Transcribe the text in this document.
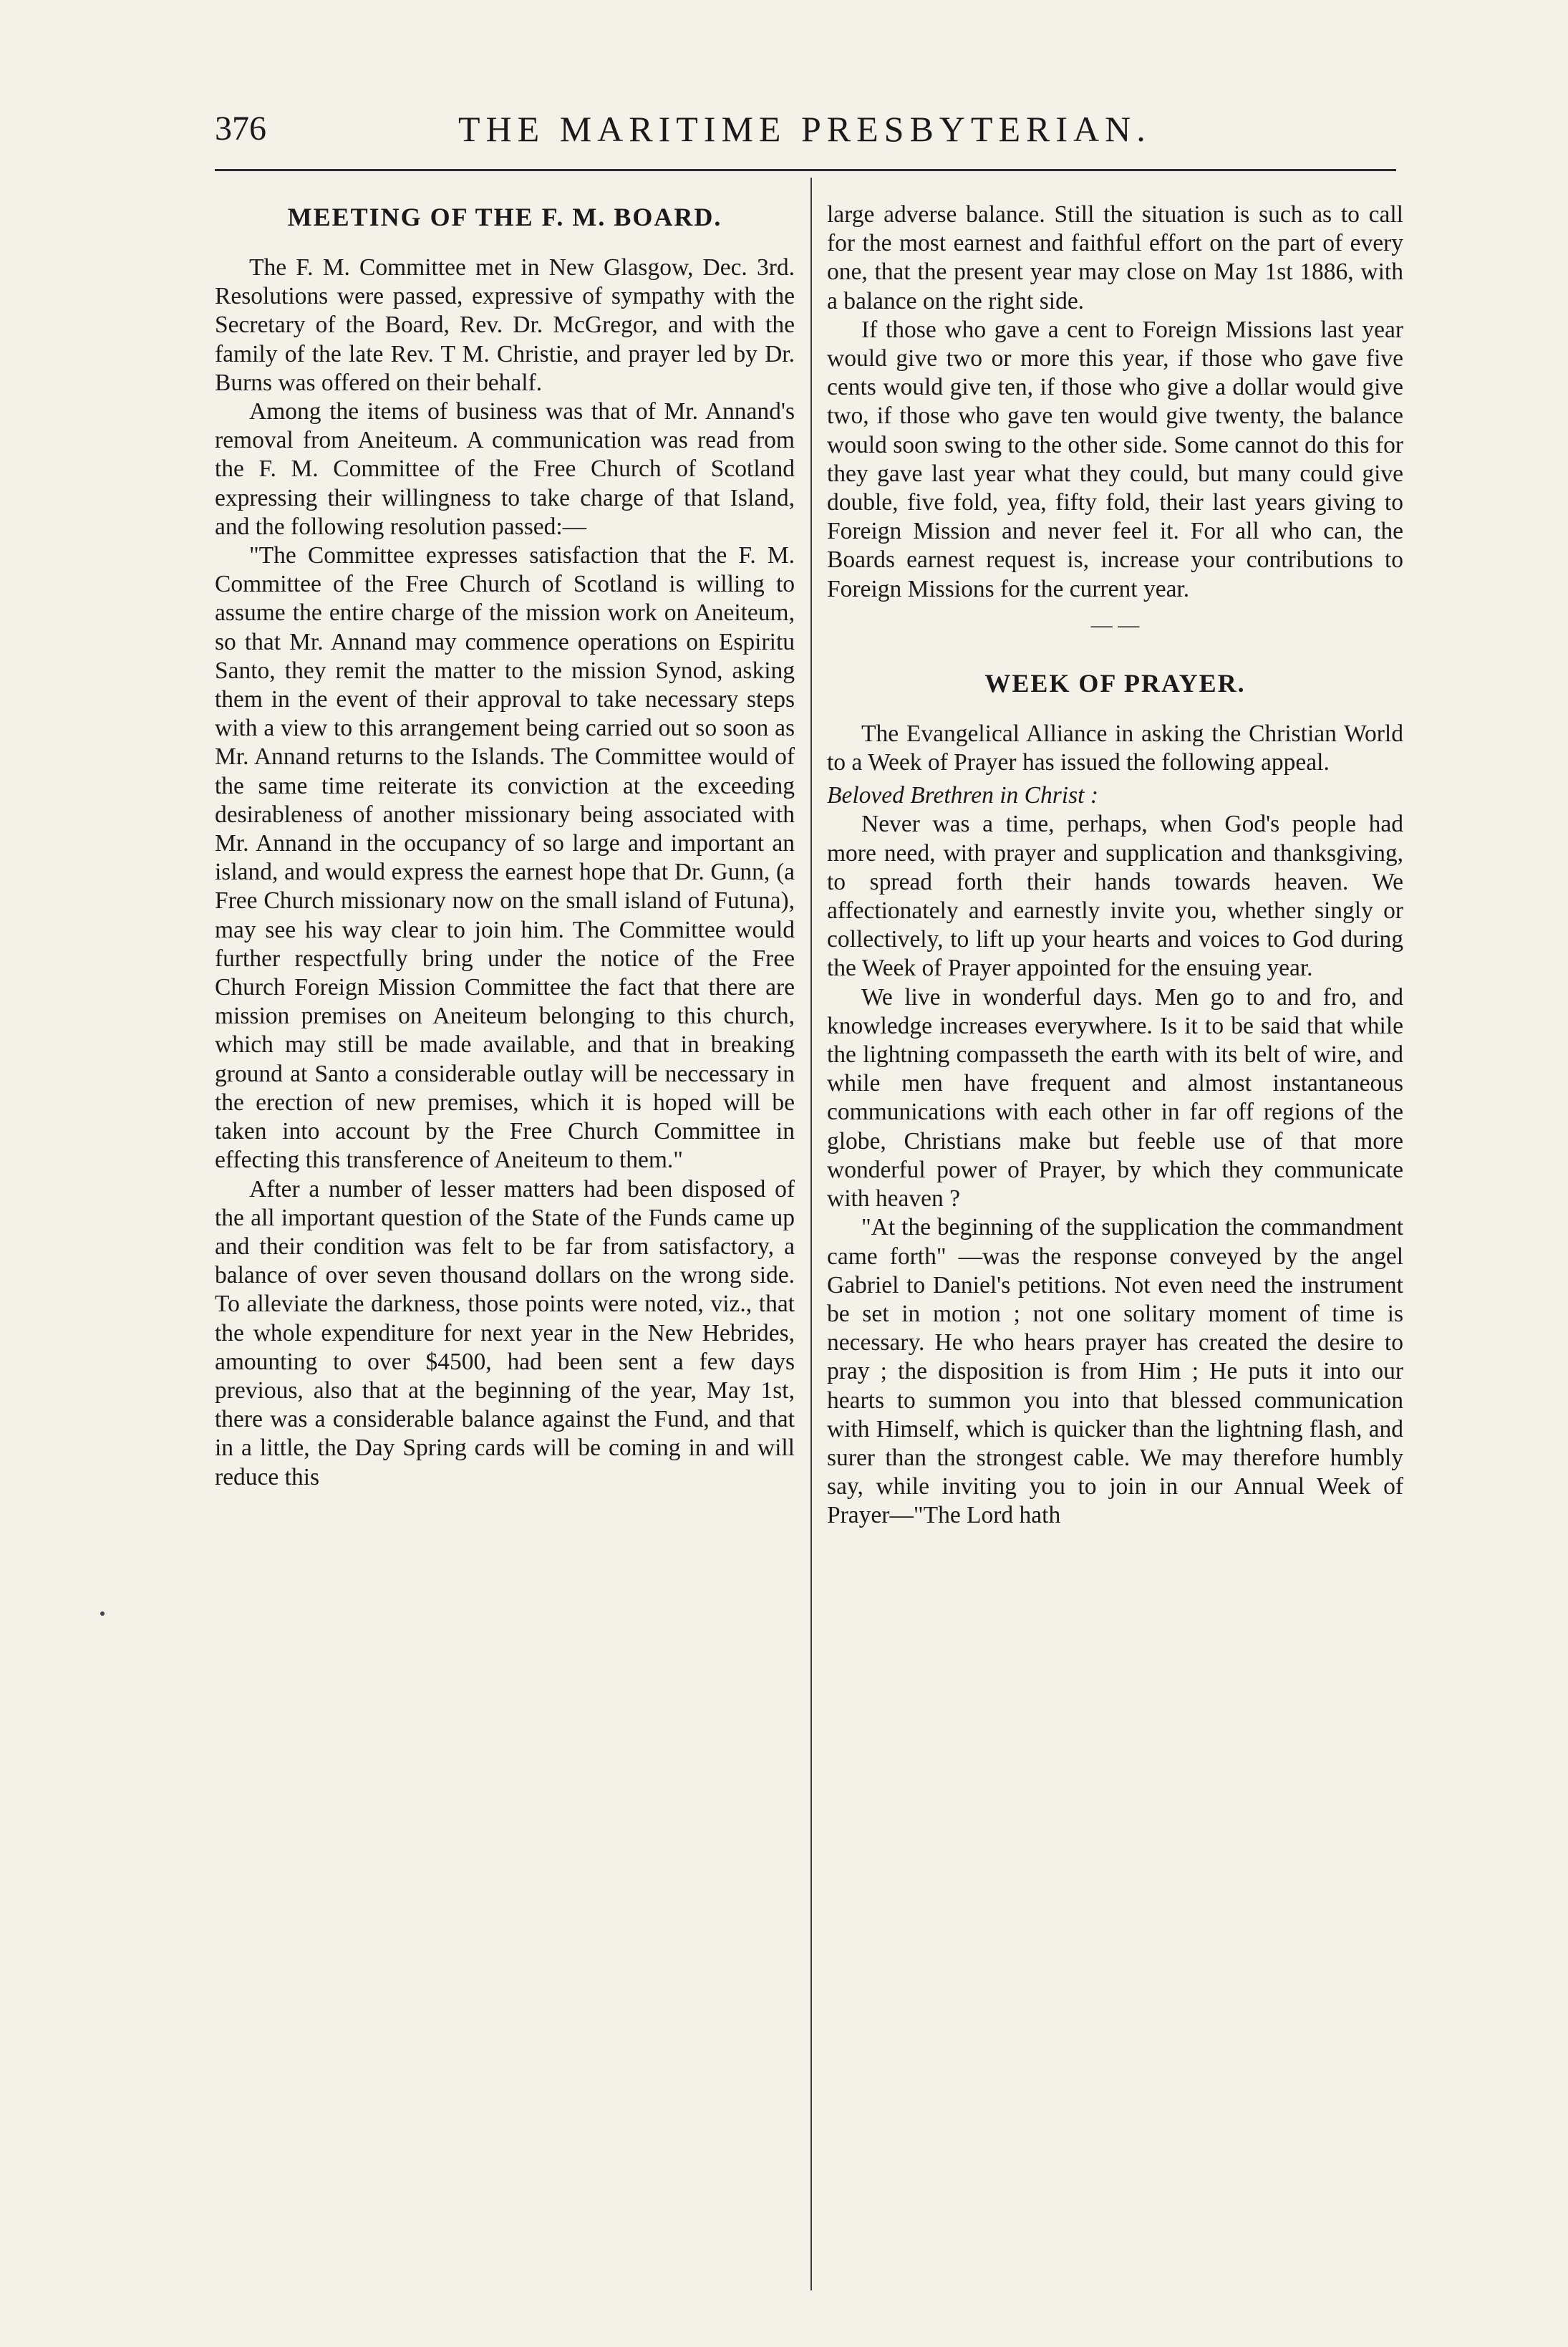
376	THE MARITIME PRESBYTERIAN.
MEETING OF THE F. M. BOARD.

The F. M. Committee met in New Glasgow, Dec. 3rd. Resolutions were passed, expressive of sympathy with the Secretary of the Board, Rev. Dr. McGregor, and with the family of the late Rev. T M. Christie, and prayer led by Dr. Burns was offered on their behalf.

Among the items of business was that of Mr. Annand's removal from Aneiteum. A communication was read from the F. M. Committee of the Free Church of Scotland expressing their willingness to take charge of that Island, and the following resolution passed:—

"The Committee expresses satisfaction that the F. M. Committee of the Free Church of Scotland is willing to assume the entire charge of the mission work on Aneiteum, so that Mr. Annand may commence operations on Espiritu Santo, they remit the matter to the mission Synod, asking them in the event of their approval to take necessary steps with a view to this arrangement being carried out so soon as Mr. Annand returns to the Islands. The Committee would of the same time reiterate its conviction at the exceeding desirableness of another missionary being associated with Mr. Annand in the occupancy of so large and important an island, and would express the earnest hope that Dr. Gunn, (a Free Church missionary now on the small island of Futuna), may see his way clear to join him. The Committee would further respectfully bring under the notice of the Free Church Foreign Mission Committee the fact that there are mission premises on Aneiteum belonging to this church, which may still be made available, and that in breaking ground at Santo a considerable outlay will be neccessary in the erection of new premises, which it is hoped will be taken into account by the Free Church Committee in effecting this transference of Aneiteum to them."

After a number of lesser matters had been disposed of the all important question of the State of the Funds came up and their condition was felt to be far from satisfactory, a balance of over seven thousand dollars on the wrong side. To alleviate the darkness, those points were noted, viz., that the whole expenditure for next year in the New Hebrides, amounting to over $4500, had been sent a few days previous, also that at the beginning of the year, May 1st, there was a considerable balance against the Fund, and that in a little, the Day Spring cards will be coming in and will reduce this

large adverse balance. Still the situation is such as to call for the most earnest and faithful effort on the part of every one, that the present year may close on May 1st 1886, with a balance on the right side.

If those who gave a cent to Foreign Missions last year would give two or more this year, if those who gave five cents would give ten, if those who give a dollar would give two, if those who gave ten would give twenty, the balance would soon swing to the other side. Some cannot do this for they gave last year what they could, but many could give double, five fold, yea, fifty fold, their last years giving to Foreign Mission and never feel it. For all who can, the Boards earnest request is, increase your contributions to Foreign Missions for the current year.

— —
WEEK OF PRAYER.

The Evangelical Alliance in asking the Christian World to a Week of Prayer has issued the following appeal.

Beloved Brethren in Christ :

Never was a time, perhaps, when God's people had more need, with prayer and supplication and thanksgiving, to spread forth their hands towards heaven. We affectionately and earnestly invite you, whether singly or collectively, to lift up your hearts and voices to God during the Week of Prayer appointed for the ensuing year.

We live in wonderful days. Men go to and fro, and knowledge increases everywhere. Is it to be said that while the lightning compasseth the earth with its belt of wire, and while men have frequent and almost instantaneous communications with each other in far off regions of the globe, Christians make but feeble use of that more wonderful power of Prayer, by which they communicate with heaven ?

"At the beginning of the supplication the commandment came forth" —was the response conveyed by the angel Gabriel to Daniel's petitions. Not even need the instrument be set in motion ; not one solitary moment of time is necessary. He who hears prayer has created the desire to pray ; the disposition is from Him ; He puts it into our hearts to summon you into that blessed communication with Himself, which is quicker than the lightning flash, and surer than the strongest cable. We may therefore humbly say, while inviting you to join in our Annual Week of Prayer—"The Lord hath
